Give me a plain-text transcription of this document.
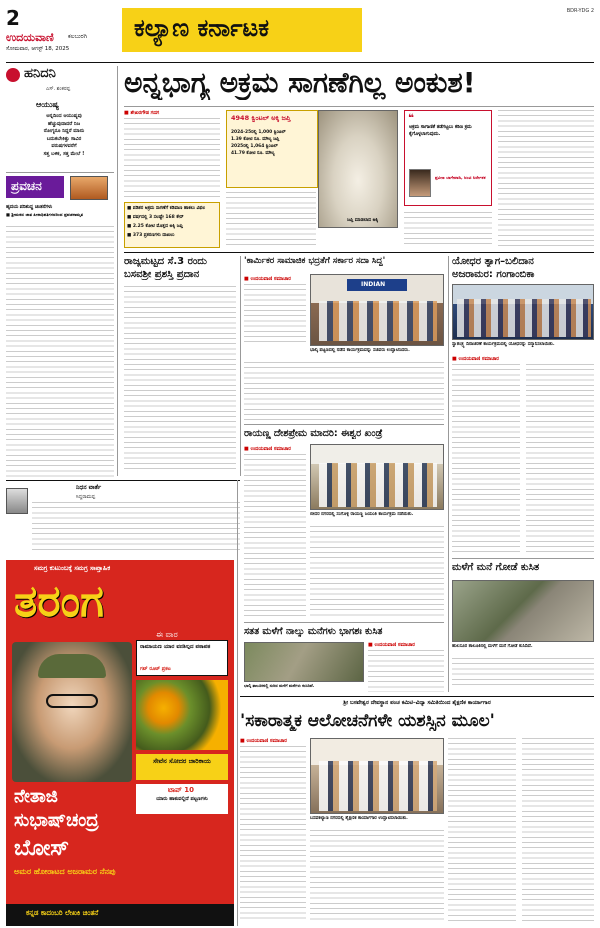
2
ಉದಯವಾಣಿ ಕಲಬುರಗಿ
ಸೋಮವಾರ, ಆಗಸ್ಟ್ 18, 2025
ಕಲ್ಯಾಣ ಕರ್ನಾಟಕ
BDR-YDG 2
ಹನಿದನಿ
ಎಸ್. ಶಂಕರಪ್ಪ
ಆಯುಷ್ಯ
ಅನ್ನದಿಂದ ಆಯುಷ್ಯವು
ಹೆಚ್ಚುವುದಾದರೆ ನಿಜ
ರೋಗ್ಯರೂ ನಿದ್ದರೆ ಮಾನು
ಬದುಕಬೇಕಿತ್ತು ಸಾವಿರ
ವರುಷಗಳವರೆಗೆ
ಸತ್ತ ಬಳಿಕ, ಸತ್ತ ಮೇಲೆ !
ಪ್ರವಚನ
ಹೃದಯ ಪರಿಶುದ್ಧ ಚಿಂತನೆಗಳು
■ ಶ್ರೀಮಠದ ಜಾತ ಪೀಠಾಧಿಪತಿಗಳವರಿಂದ ಪ್ರವಚನಾಮೃತ
ಅನ್ನಭಾಗ್ಯ ಅಕ್ರಮ ಸಾಗಣೆಗಿಲ್ಲ ಅಂಕುಶ!
■ ಶೇಖರಗೌಡ ಗದಗ
■ ಪಡಿತರ ಅಕ್ರಮ ಸಾಗಣೆಗೆ ಕಡಿವಾಣ ಹಾಕಲು ವಿಫಲ
■ ವರ್ಷದಲ್ಲಿ 3 ಸಲಷ್ಟೇ 168 ಕೇಸ್
■ 2.25 ಕೋಟಿ ಮೊತ್ತದ ಅಕ್ಕಿ ಜಪ್ತಿ
■ 373 ಪ್ರಕರಣಗಳು ದಾಖಲು
4948 ಕ್ವಿಂಟಲ್ ಅಕ್ಕಿ ಜಪ್ತಿ
2024-25ರಲ್ಲಿ 1,000 ಕ್ವಿಂಟಲ್
1.39 ಕೋಟಿ ರೂ. ಮೌಲ್ಯ ಜಪ್ತಿ
2025ರಲ್ಲಿ 1,064 ಕ್ವಿಂಟಲ್
41.79 ಕೋಟಿ ರೂ. ಮೌಲ್ಯ
ಜಪ್ತಿ ಮಾಡಲಾದ ಅಕ್ಕಿ
❝
ಅಕ್ರಮ ಸಾಗಾಣಿಕೆ ತಡೆಗಟ್ಟಲು ಕಠಿಣ ಕ್ರಮ ಕೈಗೊಳ್ಳಲಾಗುವುದು.
ಪ್ರವೀಣ ಬಾಗೇವಾಡಿ, ಜಂಟಿ ನಿರ್ದೇಶಕ
ರಾಜ್ಯಮಟ್ಟದ ಸೆ.3 ರಂದು
ಬಸವಶ್ರೀ ಪ್ರಶಸ್ತಿ ಪ್ರದಾನ
'ಕಾರ್ಮಿಕರ ಸಾಮಾಜಿಕ ಭದ್ರತೆಗೆ ಸರ್ಕಾರ ಸದಾ ಸಿದ್ಧ'
■ ಉದಯವಾಣಿ ಸಮಾಚಾರ
INDIAN
ಭಾಲ್ಕಿ ಪಟ್ಟಣದಲ್ಲಿ ನಡೆದ ಕಾರ್ಯಕ್ರಮವನ್ನು ಸಚಿವರು ಉದ್ಘಾಟಿಸಿದರು.
ಯೋಧರ ತ್ಯಾಗ–ಬಲಿದಾನ
ಅಜರಾಮರ: ಗಂಗಾಂಬಿಕಾ
ಸ್ವಾತಂತ್ರ್ಯ ದಿನಾಚರಣೆ ಕಾರ್ಯಕ್ರಮದಲ್ಲಿ ಯೋಧರನ್ನು ಸನ್ಮಾನಿಸಲಾಯಿತು.
■ ಉದಯವಾಣಿ ಸಮಾಚಾರ
ರಾಯಣ್ಣ ದೇಶಪ್ರೇಮ ಮಾದರಿ: ಈಶ್ವರ ಖಂಡ್ರೆ
■ ಉದಯವಾಣಿ ಸಮಾಚಾರ
ಬೀದರ ನಗರದಲ್ಲಿ ಸಂಗೊಳ್ಳಿ ರಾಯಣ್ಣ ಜಯಂತಿ ಕಾರ್ಯಕ್ರಮ ನಡೆಯಿತು.
ಮಳೆಗೆ ಮನೆ ಗೋಡೆ ಕುಸಿತ
ಹುಲಸೂರ ತಾಲೂಕಿನಲ್ಲಿ ಮಳೆಗೆ ಮನೆ ಗೋಡೆ ಕುಸಿದಿದೆ.
ನಿಧನ ವಾರ್ತೆ
ಸಿದ್ದರಾಮಪ್ಪ
ಸಮಗ್ರ ಕುಟುಂಬಕ್ಕೆ ಸಮಗ್ರ ಸಾಪ್ತಾಹಿಕ
ತರಂಗ
ಈ ವಾರ
ರಾಮಾಯಣ ಯಾರ ವನಶಿಲ್ಪದ ಪಠಾಪತ
ಗಟ್ ರೂಟ್ ಪ್ರಕಟ
ಸೇವೆನ ಸೋದರ ಜಾರಿಕಾಯ
ಟಾಪ್ 10
ಯಾರು ಹಾಕುವಲ್ಲಿದೆ ಪಟ್ಟಣಗಳು
ನೇತಾಜಿ
ಸುಭಾಷ್‌ಚಂದ್ರ
ಬೋಸ್
ಅಮರ ಹೋರಾಟದ ಅಜರಾಮರ ನೆನಪು
ಕನ್ನಡ ಕಾದಂಬರಿ ಲೇಖಕಿ ಚಿಂತನೆ
ಸತತ ಮಳೆಗೆ ನಾಲ್ಕು ಮನೆಗಳು ಭಾಗಶಃ ಕುಸಿತ
ಭಾಲ್ಕಿ ತಾಲೂಕಿನಲ್ಲಿ ಸುರಿದ ಮಳೆಗೆ ಮನೆಗಳು ಕುಸಿದಿವೆ.
■ ಉದಯವಾಣಿ ಸಮಾಚಾರ
ಶ್ರೀ ಬಸವೇಶ್ವರ ದೇವಸ್ಥಾನ ಪಂಚ ಕಮಿಟಿ–ವಿದ್ಯಾ ಸಮಿತಿಯಿಂದ ಶೈಕ್ಷಣಿಕ ಕಾರ್ಯಾಗಾರ
'ಸಕಾರಾತ್ಮಕ ಆಲೋಚನೆಗಳೇ ಯಶಸ್ಸಿನ ಮೂಲ'
■ ಉದಯವಾಣಿ ಸಮಾಚಾರ
ಬಸವಕಲ್ಯಾಣ ನಗರದಲ್ಲಿ ಶೈಕ್ಷಣಿಕ ಕಾರ್ಯಾಗಾರ ಉದ್ಘಾಟಿಸಲಾಯಿತು.
